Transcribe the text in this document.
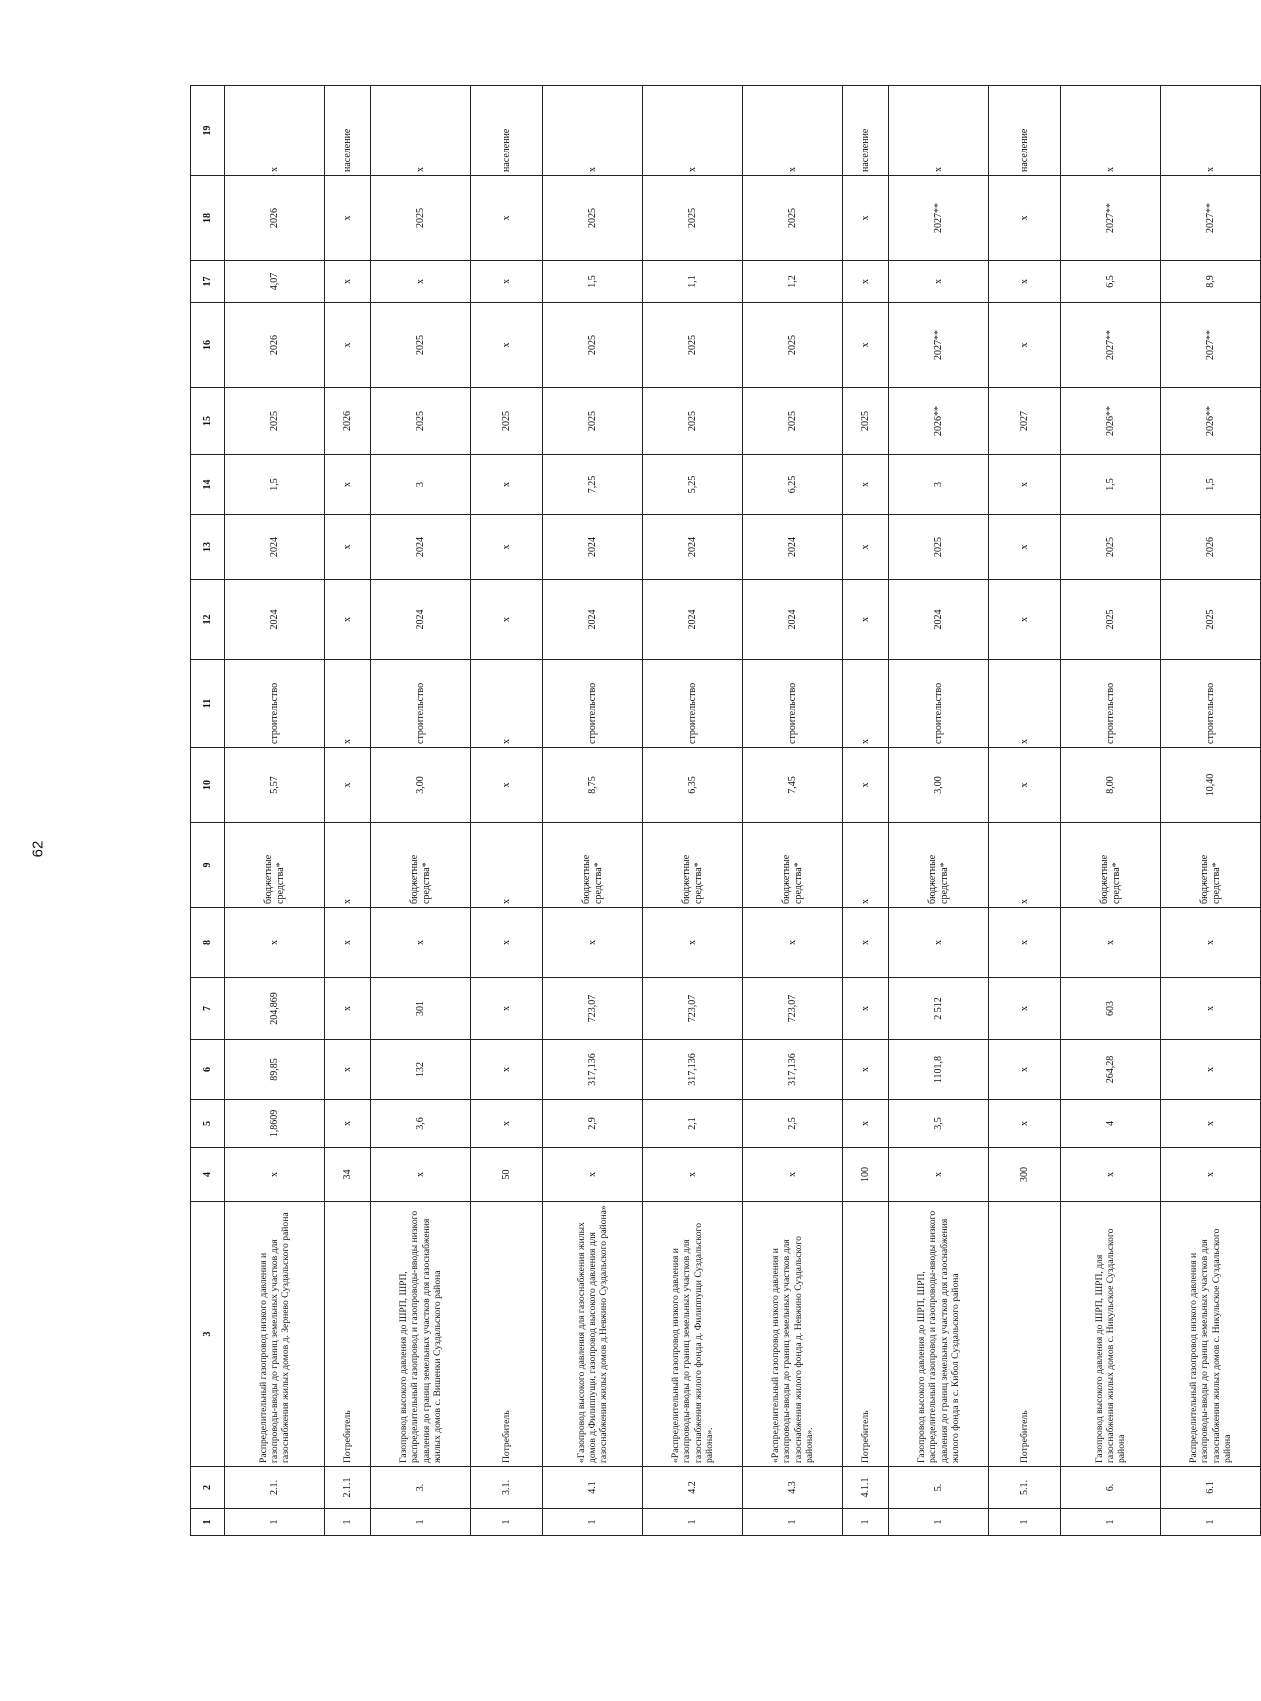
62
1	2	3	4	5	6	7	8	9	10	11	12	13	14	15	16	17	18	19
1	2.1.	Распределительный газопровод низкого давления и газопроводы-вводы до границ земельных участков для газоснабжения жилых домов д. Зернево Суздальского района	х	1,8609	89,85	204,869	х	бюджетные средства*	5,57	строительство	2024	2024	1,5	2025	2026	4,07	2026	х
1	2.1.1	Потребитель	34	х	х	х	х	х	х	х	х	х	х	2026	х	х	х	население
1	3.	Газопровод высокого давления до ШРП, ШРП, распределительный газопровод и газопроводы-вводы низкого давления до границ земельных участков для газоснабжения жилых домов с. Вишенки Суздальского района	х	3,6	132	301	х	бюджетные средства*	3,00	строительство	2024	2024	3	2025	2025	х	2025	х
1	3.1.	Потребитель	50	х	х	х	х	х	х	х	х	х	х	2025	х	х	х	население
1	4.1	«Газопровод высокого давления для газоснабжения жилых домов д.Филиппущи, газопровод высокого давления для газоснабжения жилых домов д.Невжино Суздальского района»	х	2,9	317,136	723,07	х	бюджетные средства*	8,75	строительство	2024	2024	7,25	2025	2025	1,5	2025	х
1	4.2	«Распределительный газопровод низкого давления и газопроводы-вводы до границ земельных участков для газоснабжения жилого фонда д. Филиппущи Суздальского района».	х	2,1	317,136	723,07	х	бюджетные средства*	6,35	строительство	2024	2024	5,25	2025	2025	1,1	2025	х
1	4.3	«Распределительный газопровод низкого давления и газопроводы-вводы до границ земельных участков для газоснабжения жилого фонда д. Невжино Суздальского района».	х	2,5	317,136	723,07	х	бюджетные средства*	7,45	строительство	2024	2024	6,25	2025	2025	1,2	2025	х
1	4.1.1	Потребитель	100	х	х	х	х	х	х	х	х	х	х	2025	х	х	х	население
1	5.	Газопровод высокого давления до ШРП, ШРП, распределительный газопровод и газопроводы-вводы низкого давления до границ земельных участков для газоснабжения жилого фонда в с. Кибол Суздальского района	х	3,5	1101,8	2 512	х	бюджетные средства*	3,00	строительство	2024	2025	3	2026**	2027**	х	2027**	х
1	5.1.	Потребитель	300	х	х	х	х	х	х	х	х	х	х	2027	х	х	х	население
1	6.	Газопровод высокого давления до ШРП, ШРП, для газоснабжения жилых домов с. Никульское Суздальского района	х	4	264,28	603	х	бюджетные средства*	8,00	строительство	2025	2025	1,5	2026**	2027**	6,5	2027**	х
1	6.1	Распределительный газопровод низкого давления и газопроводы-вводы до границ земельных участков для газоснабжения жилых домов с. Никульское Суздальского района	х	х	х	х	х	бюджетные средства*	10,40	строительство	2025	2026	1,5	2026**	2027**	8,9	2027**	х
